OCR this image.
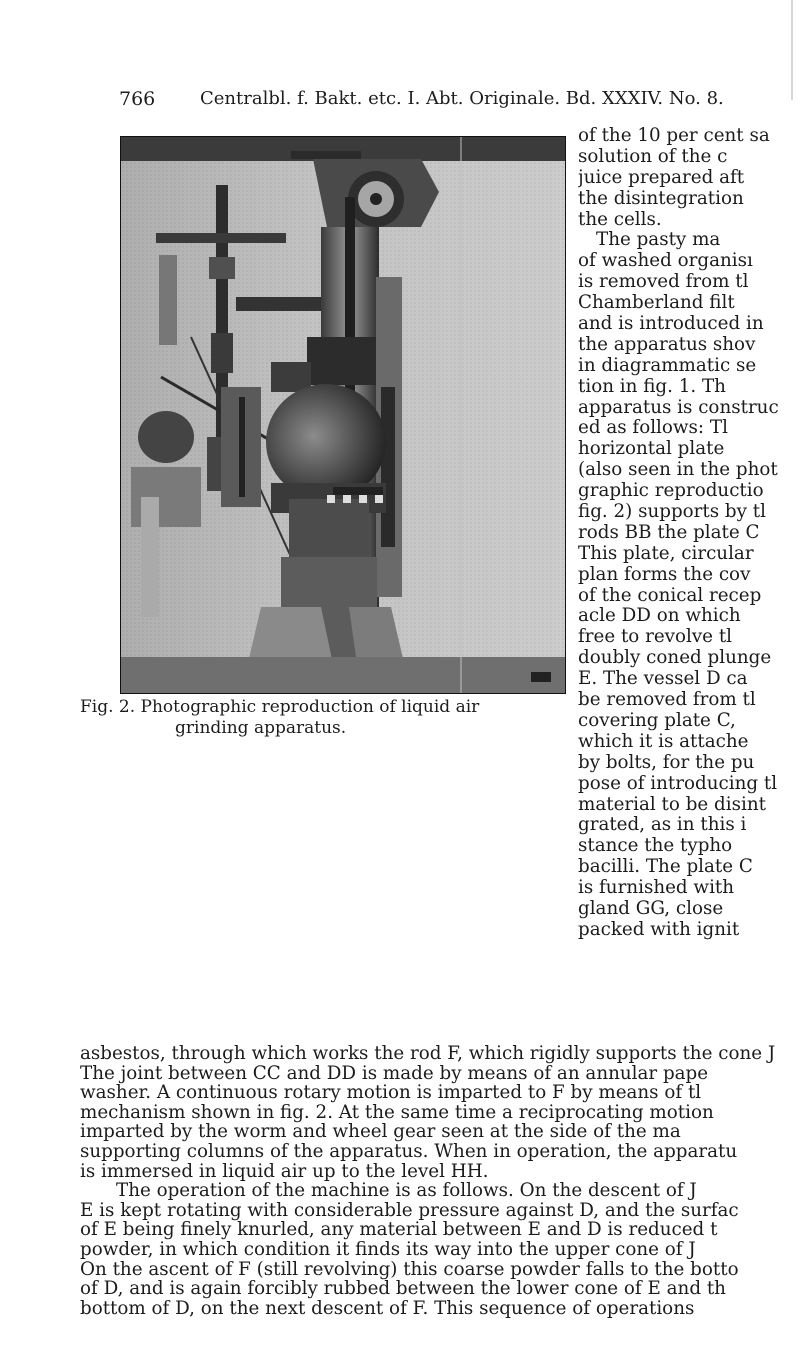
766 Centralbl. f. Bakt. etc. I. Abt. Originale. Bd. XXXIV. No. 8.
Fig. 2. Photographic reproduction of liquid air
grinding apparatus.
of the 10 per cent sa
solution of the c
juice prepared aft
the disintegration
the cells.
The pasty ma
of washed organisı
is removed from tl
Chamberland filt
and is introduced in
the apparatus shov
in diagrammatic se
tion in fig. 1. Th
apparatus is construc
ed as follows: Tl
horizontal plate
(also seen in the phot
graphic reproductio
fig. 2) supports by tl
rods BB the plate C
This plate, circular
plan forms the cov
of the conical recep
acle DD on which
free to revolve tl
doubly coned plunge
E. The vessel D ca
be removed from tl
covering plate C,
which it is attache
by bolts, for the pu
pose of introducing tl
material to be disint
grated, as in this i
stance the typho
bacilli. The plate C
is furnished with
gland GG, close
packed with ignit
asbestos, through which works the rod F, which rigidly supports the cone J
The joint between CC and DD is made by means of an annular pape
washer. A continuous rotary motion is imparted to F by means of tl
mechanism shown in fig. 2. At the same time a reciprocating motion
imparted by the worm and wheel gear seen at the side of the ma
supporting columns of the apparatus. When in operation, the apparatu
is immersed in liquid air up to the level HH.
The operation of the machine is as follows. On the descent of J
E is kept rotating with considerable pressure against D, and the surfac
of E being finely knurled, any material between E and D is reduced t
powder, in which condition it finds its way into the upper cone of J
On the ascent of F (still revolving) this coarse powder falls to the botto
of D, and is again forcibly rubbed between the lower cone of E and th
bottom of D, on the next descent of F. This sequence of operations
